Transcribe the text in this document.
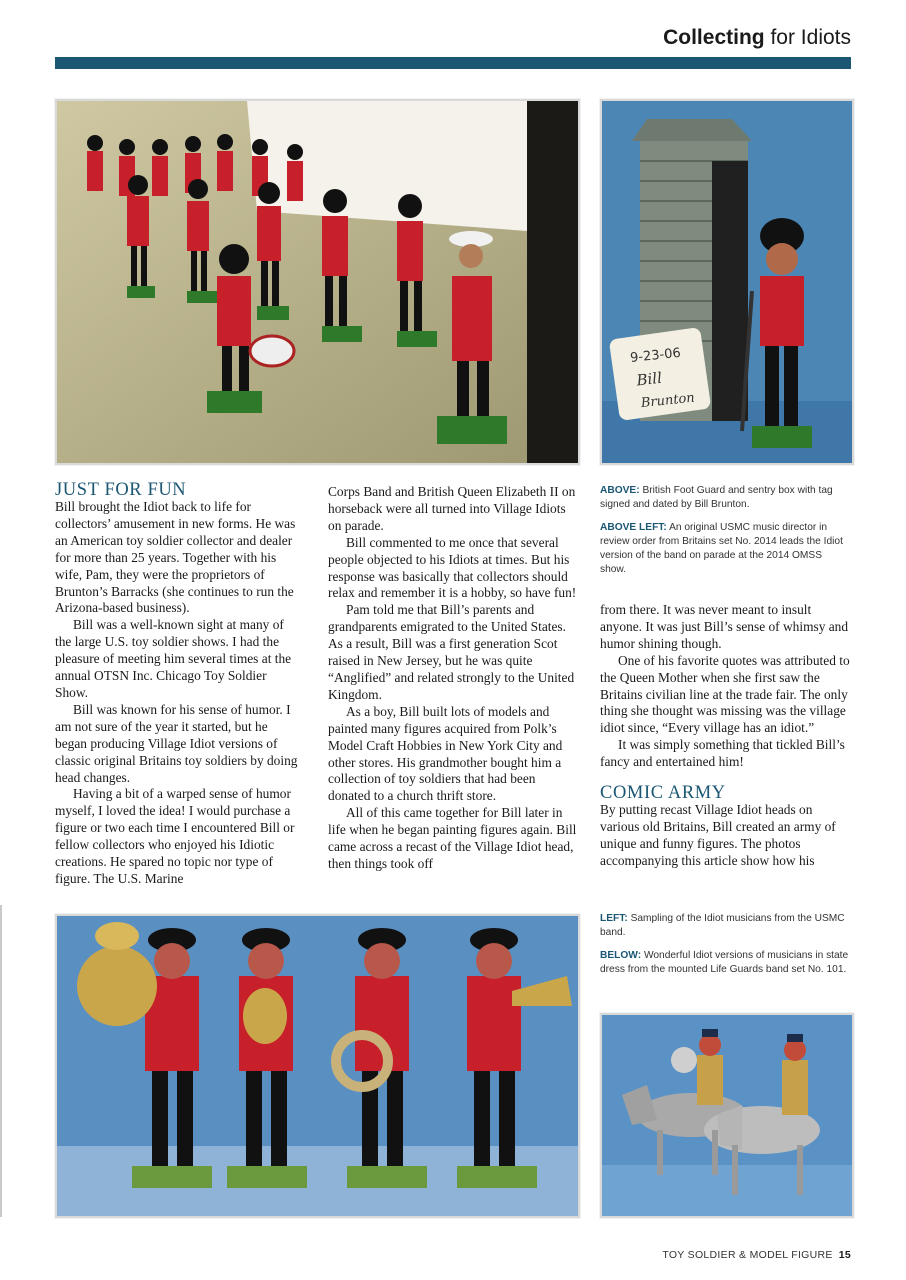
Collecting for Idiots
9-23-06
Bill
Brunton
JUST FOR FUN

Bill brought the Idiot back to life for collectors’ amusement in new forms. He was an American toy soldier collector and dealer for more than 25 years. Together with his wife, Pam, they were the proprietors of Brunton’s Barracks (she continues to run the Arizona-based business).

Bill was a well-known sight at many of the large U.S. toy soldier shows. I had the pleasure of meeting him several times at the annual OTSN Inc. Chicago Toy Soldier Show.

Bill was known for his sense of humor. I am not sure of the year it started, but he began producing Village Idiot versions of classic original Britains toy soldiers by doing head changes.

Having a bit of a warped sense of humor myself, I loved the idea! I would purchase a figure or two each time I encountered Bill or fellow collectors who enjoyed his Idiotic creations. He spared no topic nor type of figure. The U.S. Marine

Corps Band and British Queen Elizabeth II on horseback were all turned into Village Idiots on parade.

Bill commented to me once that several people objected to his Idiots at times. But his response was basically that collectors should relax and remember it is a hobby, so have fun!

Pam told me that Bill’s parents and grandparents emigrated to the United States. As a result, Bill was a first generation Scot raised in New Jersey, but he was quite “Anglified” and related strongly to the United Kingdom.

As a boy, Bill built lots of models and painted many figures acquired from Polk’s Model Craft Hobbies in New York City and other stores. His grandmother bought him a collection of toy soldiers that had been donated to a church thrift store.

All of this came together for Bill later in life when he began painting figures again. Bill came across a recast of the Village Idiot head, then things took off

ABOVE: British Foot Guard and sentry box with tag signed and dated by Bill Brunton.

ABOVE LEFT: An original USMC music director in review order from Britains set No. 2014 leads the Idiot version of the band on parade at the 2014 OMSS show.

from there. It was never meant to insult anyone. It was just Bill’s sense of whimsy and humor shining though.

One of his favorite quotes was attributed to the Queen Mother when she first saw the Britains civilian line at the trade fair. The only thing she thought was missing was the village idiot since, “Every village has an idiot.”

It was simply something that tickled Bill’s fancy and entertained him!

COMIC ARMY

By putting recast Village Idiot heads on various old Britains, Bill created an army of unique and funny figures. The photos accompanying this article show how his

LEFT: Sampling of the Idiot musicians from the USMC band.

BELOW: Wonderful Idiot versions of musicians in state dress from the mounted Life Guards band set No. 101.

TOY SOLDIER & MODEL FIGURE 15
